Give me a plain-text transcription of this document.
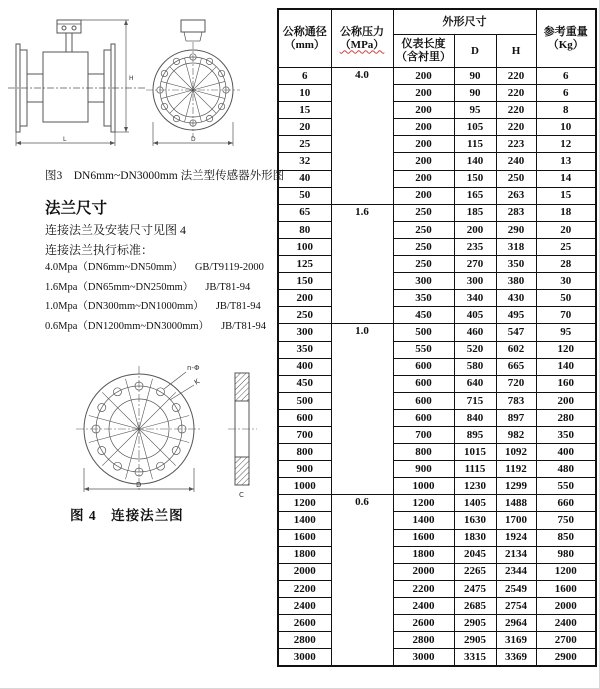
H
L	D
图3　DN6mm~DN3000mm 法兰型传感器外形图
法兰尺寸
连接法兰及安装尺寸见图 4
连接法兰执行标准：
4.0Mpa（DN6mm~DN50mm） GB/T9119-2000
1.6Mpa（DN65mm~DN250mm） JB/T81-94
1.0Mpa（DN300mm~DN1000mm） JB/T81-94
0.6Mpa（DN1200mm~DN3000mm） JB/T81-94
n-Φ
K
D
C
图 4　连接法兰图
公称通径
（mm）	公称压力
（MPa）	外形尺寸			参考重量
（Kg）

		仪表长度
（含衬里）	D	H	
6	4.0	200	90	220	6
10		200	90	220	6
15		200	95	220	8
20		200	105	220	10
25		200	115	223	12
32		200	140	240	13
40		200	150	250	14
50		200	165	263	15
65	1.6	250	185	283	18
80		250	200	290	20
100		250	235	318	25
125		250	270	350	28
150		300	300	380	30
200		350	340	430	50
250		450	405	495	70
300	1.0	500	460	547	95
350		550	520	602	120
400		600	580	665	140
450		600	640	720	160
500		600	715	783	200
600		600	840	897	280
700		700	895	982	350
800		800	1015	1092	400
900		900	1115	1192	480
1000		1000	1230	1299	550
1200	0.6	1200	1405	1488	660
1400		1400	1630	1700	750
1600		1600	1830	1924	850
1800		1800	2045	2134	980
2000		2000	2265	2344	1200
2200		2200	2475	2549	1600
2400		2400	2685	2754	2000
2600		2600	2905	2964	2400
2800		2800	2905	3169	2700
3000		3000	3315	3369	2900
